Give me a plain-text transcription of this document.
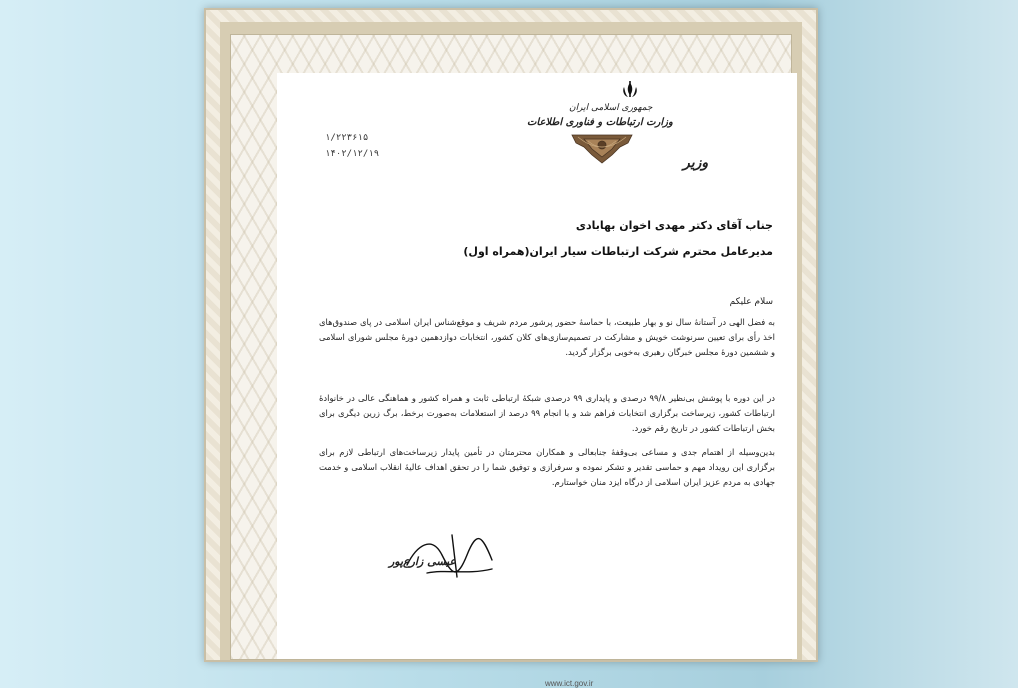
جمهوری اسلامی ایران
وزارت ارتباطات و فناوری اطلاعات
۱/۲۲۳۶۱۵
۱۴۰۲/۱۲/۱۹
وزیر
جناب آقای دکتر مهدی اخوان بهابادی
مدیرعامل محترم شرکت ارتباطات سیار ایران(همراه اول)
سلام علیکم
به فضل الهی در آستانهٔ سال نو و بهار طبیعت، با حماسهٔ حضور پرشور مردم شریف و موقع‌شناس ایران اسلامی در پای صندوق‌های اخذ رأی برای تعیین سرنوشت خویش و مشارکت در تصمیم‌سازی‌های کلان کشور، انتخابات دوازدهمین دورهٔ مجلس شورای اسلامی و ششمین دورهٔ مجلس خبرگان رهبری به‌خوبی برگزار گردید.
در این دوره با پوشش بی‌نظیر ۹۹/۸ درصدی و پایداری ۹۹ درصدی شبکهٔ ارتباطی ثابت و همراه کشور و هماهنگی عالی در خانوادهٔ ارتباطات کشور، زیرساخت برگزاری انتخابات فراهم شد و با انجام ۹۹ درصد از استعلامات به‌صورت برخط، برگ زرین دیگری برای بخش ارتباطات کشور در تاریخ رقم خورد.
بدین‌وسیله از اهتمام جدی و مساعی بی‌وقفهٔ جنابعالی و همکاران محترمتان در تأمین پایدار زیرساخت‌های ارتباطی لازم برای برگزاری این رویداد مهم و حماسی تقدیر و تشکر نموده و سرفرازی و توفیق شما را در تحقق اهداف عالیهٔ انقلاب اسلامی و خدمت جهادی به مردم عزیز ایران اسلامی از درگاه ایزد منان خواستارم.
عیسی زارع‌پور
www.ict.gov.ir
